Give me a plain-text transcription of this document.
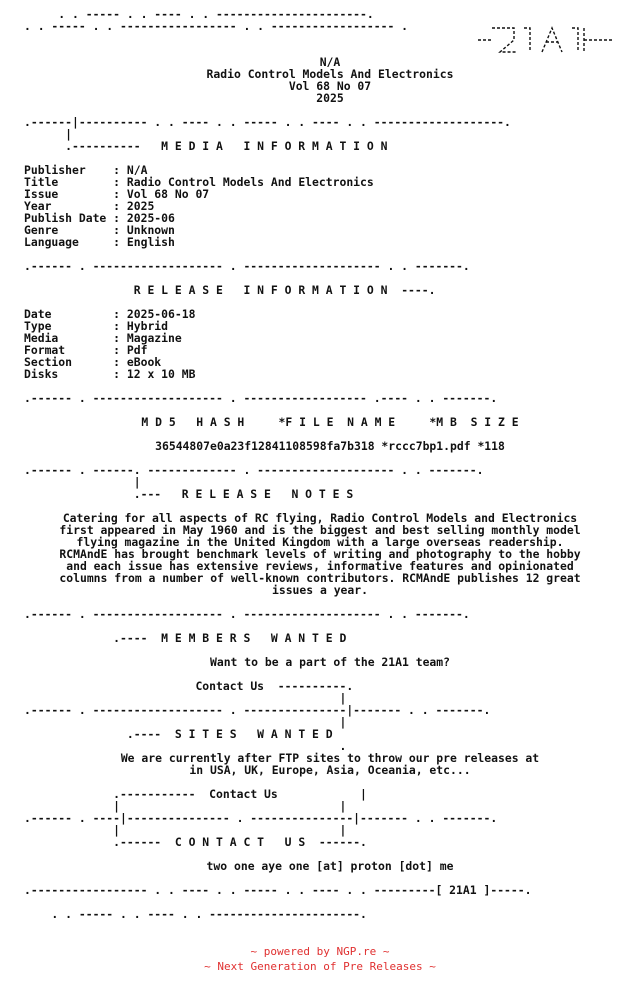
. . ----- . . ---- . . ----------------------.
. . ----- . . ----------------- . . ------------------ .

N/A
Radio Control Models And Electronics
Vol 68 No 07
2025

.------|---------- . . ---- . . ----- . . ---- . . -------------------.
|
.----------   M E D I A   I N F O R M A T I O N

Publisher    : N/A
Title        : Radio Control Models And Electronics
Issue        : Vol 68 No 07
Year         : 2025
Publish Date : 2025-06
Genre        : Unknown
Language     : English

.------ . ------------------- . -------------------- . . -------.

R E L E A S E   I N F O R M A T I O N  ----.

Date         : 2025-06-18
Type         : Hybrid
Media        : Magazine
Format       : Pdf
Section      : eBook
Disks        : 12 x 10 MB

.------ . ------------------- . ------------------ .---- . . -------.

M D 5   H A S H     *F I L E  N A M E     *M B  S I Z E

36544807e0a23f12841108598fa7b318 *rccc7bp1.pdf *118

.------ . ------. ------------- . -------------------- . . -------.
|
.---   R E L E A S E   N O T E S

Catering for all aspects of RC flying, Radio Control Models and Electronics
first appeared in May 1960 and is the biggest and best selling monthly model
flying magazine in the United Kingdom with a large overseas readership.
RCMAndE has brought benchmark levels of writing and photography to the hobby
and each issue has extensive reviews, informative features and opinionated
columns from a number of well-known contributors. RCMAndE publishes 12 great
issues a year.

.------ . ------------------- . -------------------- . . -------.

.----  M E M B E R S   W A N T E D

Want to be a part of the 21A1 team?

Contact Us  ----------.
|
.------ . ------------------- . ---------------|------- . . -------.
|
.----  S I T E S   W A N T E D
.
We are currently after FTP sites to throw our pre releases at
in USA, UK, Europe, Asia, Oceania, etc...

.-----------  Contact Us            |
|                                |
.------ . ----|--------------- . ---------------|------- . . -------.
|                                |
.------  C O N T A C T   U S  ------.

two one aye one [at] proton [dot] me

.----------------- . . ---- . . ----- . . ---- . . ---------[ 21A1 ]-----.

. . ----- . . ---- . . ----------------------.
~ powered by NGP.re ~
~ Next Generation of Pre Releases ~
